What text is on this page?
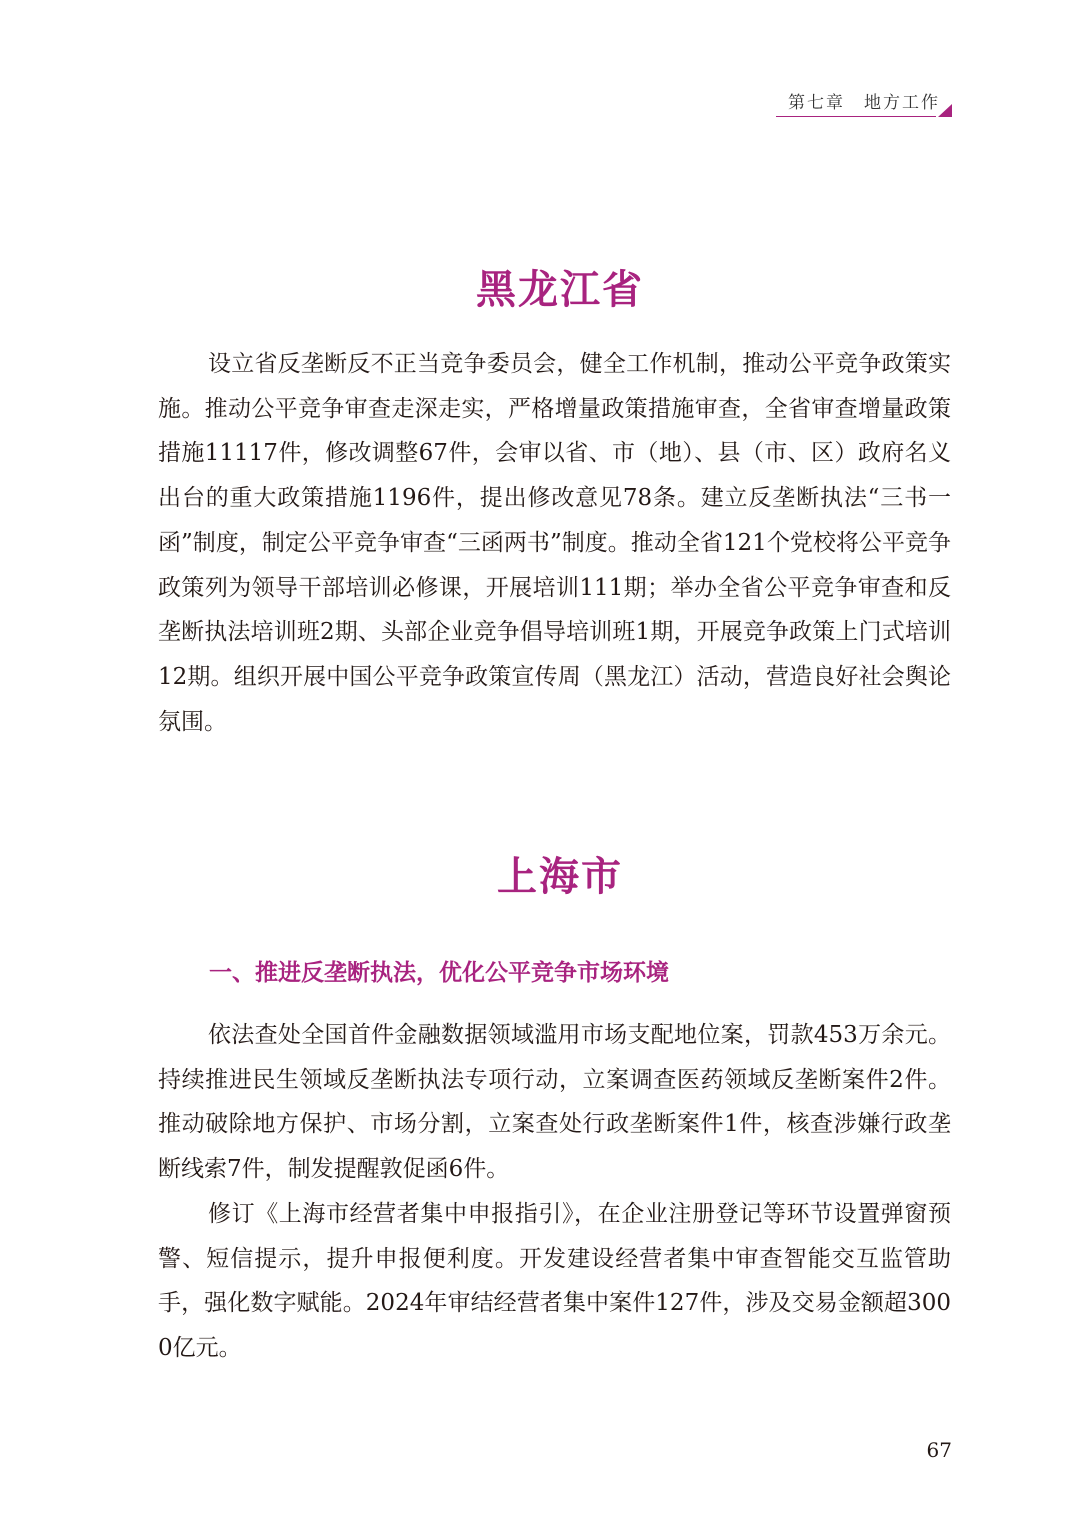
第七章　地方工作
黑龙江省

设立省反垄断反不正当竞争委员会，健全工作机制，推动公平竞争政策实施。推动公平竞争审查走深走实，严格增量政策措施审查，全省审查增量政策措施11117件，修改调整67件，会审以省、市（地）、县（市、区）政府名义出台的重大政策措施1196件，提出修改意见78条。建立反垄断执法“三书一函”制度，制定公平竞争审查“三函两书”制度。推动全省121个党校将公平竞争政策列为领导干部培训必修课，开展培训111期；举办全省公平竞争审查和反垄断执法培训班2期、头部企业竞争倡导培训班1期，开展竞争政策上门式培训12期。组织开展中国公平竞争政策宣传周（黑龙江）活动，营造良好社会舆论氛围。

上海市
一、推进反垄断执法，优化公平竞争市场环境

依法查处全国首件金融数据领域滥用市场支配地位案，罚款453万余元。持续推进民生领域反垄断执法专项行动，立案调查医药领域反垄断案件2件。推动破除地方保护、市场分割，立案查处行政垄断案件1件，核查涉嫌行政垄断线索7件，制发提醒敦促函6件。

修订《上海市经营者集中申报指引》，在企业注册登记等环节设置弹窗预警、短信提示，提升申报便利度。开发建设经营者集中审查智能交互监管助手，强化数字赋能。2024年审结经营者集中案件127件，涉及交易金额超3000亿元。

67
